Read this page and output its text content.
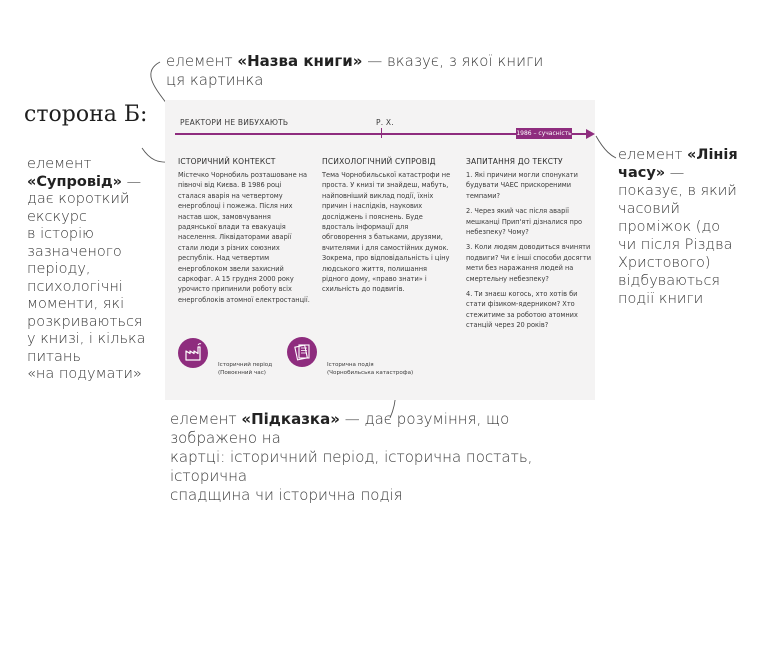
елемент «Назва книги» — вказує, з якої книги
ця картинка
сторона Б:
елемент
«Супровід» — дає короткий
екскурс
в історію
зазначеного
періоду,
психологічні
моменти, які
розкриваються
у книзі, і кілька
питань
«на подумати»
елемент «Лінія
часу» —
показує, в який
часовий
проміжок (до
чи після Різдва
Христового)
відбуваються
події книги
РЕАКТОРИ НЕ ВИБУХАЮТЬ	Р. Х.
1986 – сучасність
ІСТОРИЧНИЙ КОНТЕКСТ

Містечко Чорнобиль розташоване на півночі від Києва. В 1986 році сталася аварія на четвертому енергоблоці і пожежа. Після них настав шок, замовчування радянської влади та евакуація населення. Ліквідаторами аварії стали люди з різних союзних республік. Над четвертим енергоблоком звели захисний саркофаг. А 15 грудня 2000 року урочисто припинили роботу всіх енергоблоків атомної електростанції.

ПСИХОЛОГІЧНИЙ СУПРОВІД

Тема Чорнобильської катастрофи не проста. У книзі ти знайдеш, мабуть, найповніший виклад події, їхніх причин і наслідків, наукових досліджень і пояснень. Буде вдосталь інформації для обговорення з батьками, друзями, вчителями і для самостійних думок. Зокрема, про відповідальність і ціну людського життя, полишання рідного дому, «право знати» і схильність до подвигів.

ЗАПИТАННЯ ДО ТЕКСТУ

1. Які причини могли спонукати будувати ЧАЕС прискореними темпами?

2. Через який час після аварії мешканці Прип'яті дізналися про небезпеку? Чому?

3. Коли людям доводиться вчиняти подвиги? Чи є інші способи досягти мети без наражання людей на смертельну небезпеку?

4. Ти знаєш когось, хто хотів би стати фізиком-ядерником? Хто стежитиме за роботою атомних станцій через 20 років?

Історичний період
(Повоєнний час)
Історична подія
(Чорнобильська катастрофа)
елемент «Підказка» — дає розуміння, що зображено на
картці: історичний період, історична постать, історична
спадщина чи історична подія
